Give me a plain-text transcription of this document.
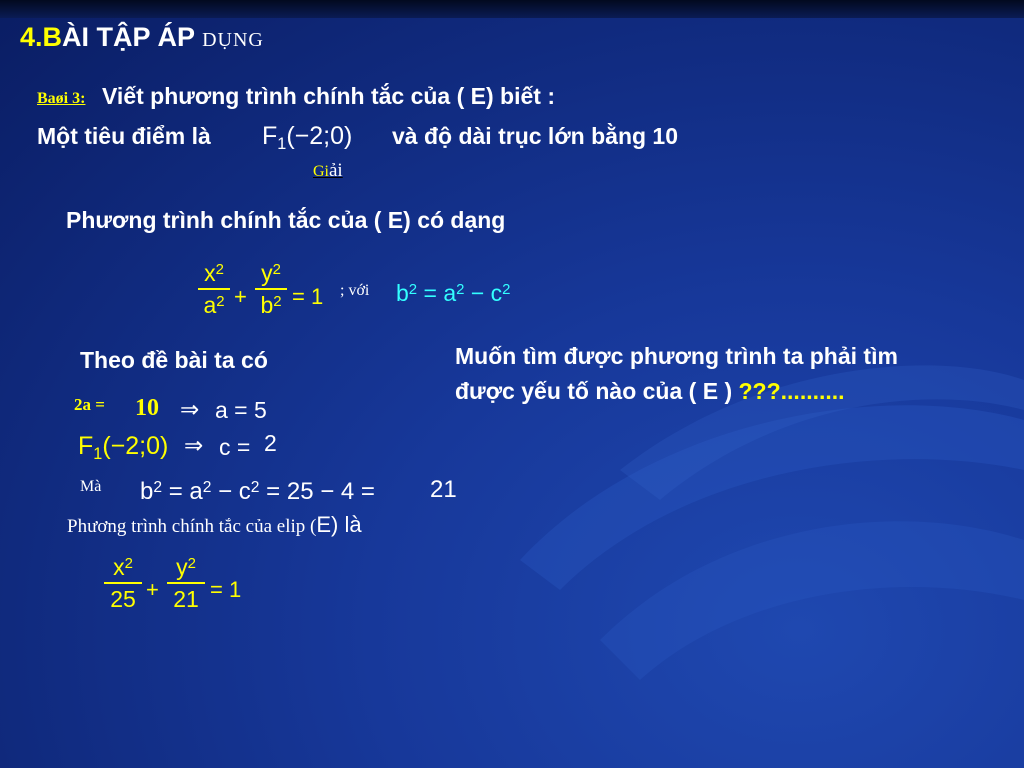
4.BÀI TẬP ÁP DỤNG
Baøi 3: Viết phương trình chính tắc của ( E) biết :
Một tiêu điểm là $F_1(-2;0)$ và độ dài trục lớn bằng 10
Giải
Phương trình chính tắc của ( E) có dạng
$x^2$
$a^2$ +
$y^2$
$b^2 = 1$ ; với $b^2 = a^2 - c^2$
Theo đề bài ta có	Muốn tìm được phương trình ta phải tìm
được yếu tố nào của ( E ) ???..........
2a = 10 ⇒ a = 5
$F_1(-2;0)$ ⇒ c = 2
Mà $b^2 = a^2 - c^2 = 25 - 4 = 21$
Phương trình chính tắc của elip (E) là
$x^2$
25 +
$y^2$
21 = 1
